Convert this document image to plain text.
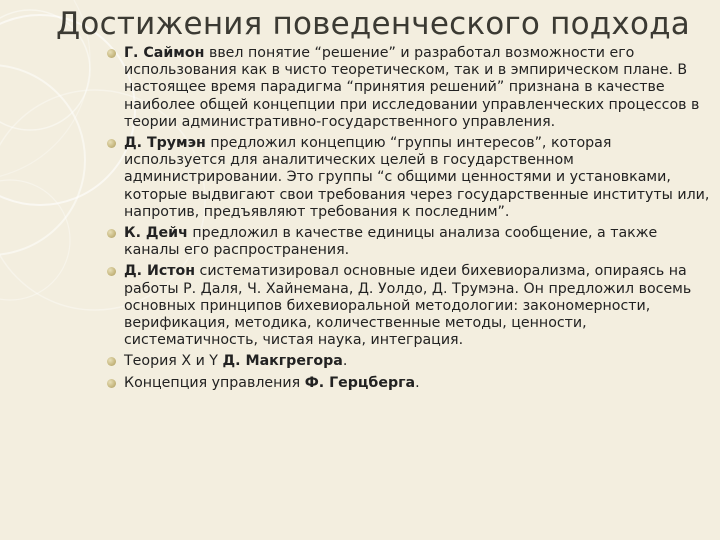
Достижения поведенческого подхода
Г. Саймон ввел понятие “решение” и разработал возможности его использования как в чисто теоретическом, так и в эмпирическом плане. В настоящее время парадигма “принятия решений” признана в качестве наиболее общей концепции при исследовании управленческих процессов в теории административно-государственного управления.
Д. Трумэн предложил концепцию “группы интересов”, которая используется для аналитических целей в государственном администрировании. Это группы “с общими ценностями и установками, которые выдвигают свои требования через государственные институты или, напротив, предъявляют требования к последним”.
К. Дейч предложил в качестве единицы анализа сообщение, а также каналы его распространения.
Д. Истон систематизировал основные идеи бихевиорализма, опираясь на работы Р. Даля, Ч. Хайнемана, Д. Уолдо, Д. Трумэна. Он предложил восемь основных принципов бихевиоральной методологии: закономерности, верификация, методика, количественные методы, ценности, систематичность, чистая наука, интеграция.
Теория X и Y Д. Макгрегора.
Концепция управления Ф. Герцберга.
